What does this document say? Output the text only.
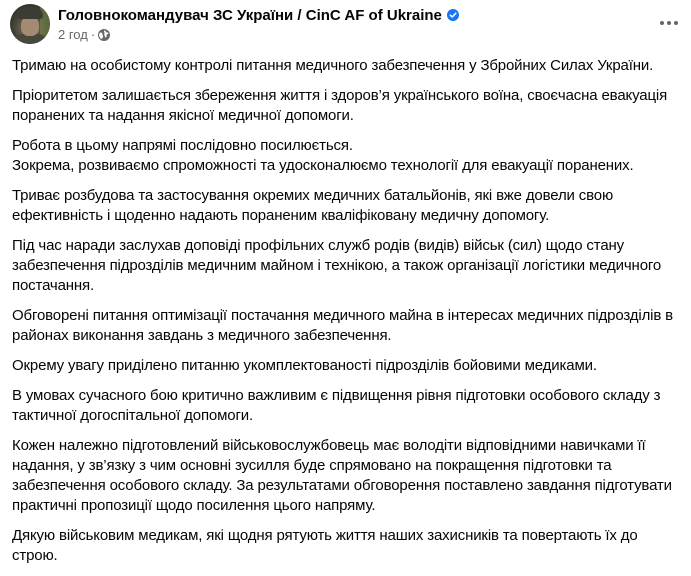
Головнокомандувач ЗС України / CinC AF of Ukraine
2 год ·

Тримаю на особистому контролі питання медичного забезпечення у Збройних Силах України.

Пріоритетом залишається збереження життя і здоров’я українського воїна, своєчасна евакуація поранених та надання якісної медичної допомоги.

Робота в цьому напрямі послідовно посилюється.
Зокрема, розвиваємо спроможності та удосконалюємо технології для евакуації поранених.

Триває розбудова та застосування окремих медичних батальйонів, які вже довели свою ефективність і щоденно надають пораненим кваліфіковану медичну допомогу.

Під час наради заслухав доповіді профільних служб родів (видів) військ (сил) щодо стану забезпечення підрозділів медичним майном і технікою, а також організації логістики медичного постачання.

Обговорені питання оптимізації постачання медичного майна в інтересах медичних підрозділів в районах виконання завдань з медичного забезпечення.

Окрему увагу приділено питанню укомплектованості підрозділів бойовими медиками.

В умовах сучасного бою критично важливим є підвищення рівня підготовки особового складу з тактичної догоспітальної допомоги.

Кожен належно підготовлений військовослужбовець має володіти відповідними навичками її надання, у зв’язку з чим основні зусилля буде спрямовано на покращення підготовки та забезпечення особового складу. За результатами обговорення поставлено завдання підготувати практичні пропозиції щодо посилення цього напряму.

Дякую військовим медикам, які щодня рятують життя наших захисників та повертають їх до строю.
